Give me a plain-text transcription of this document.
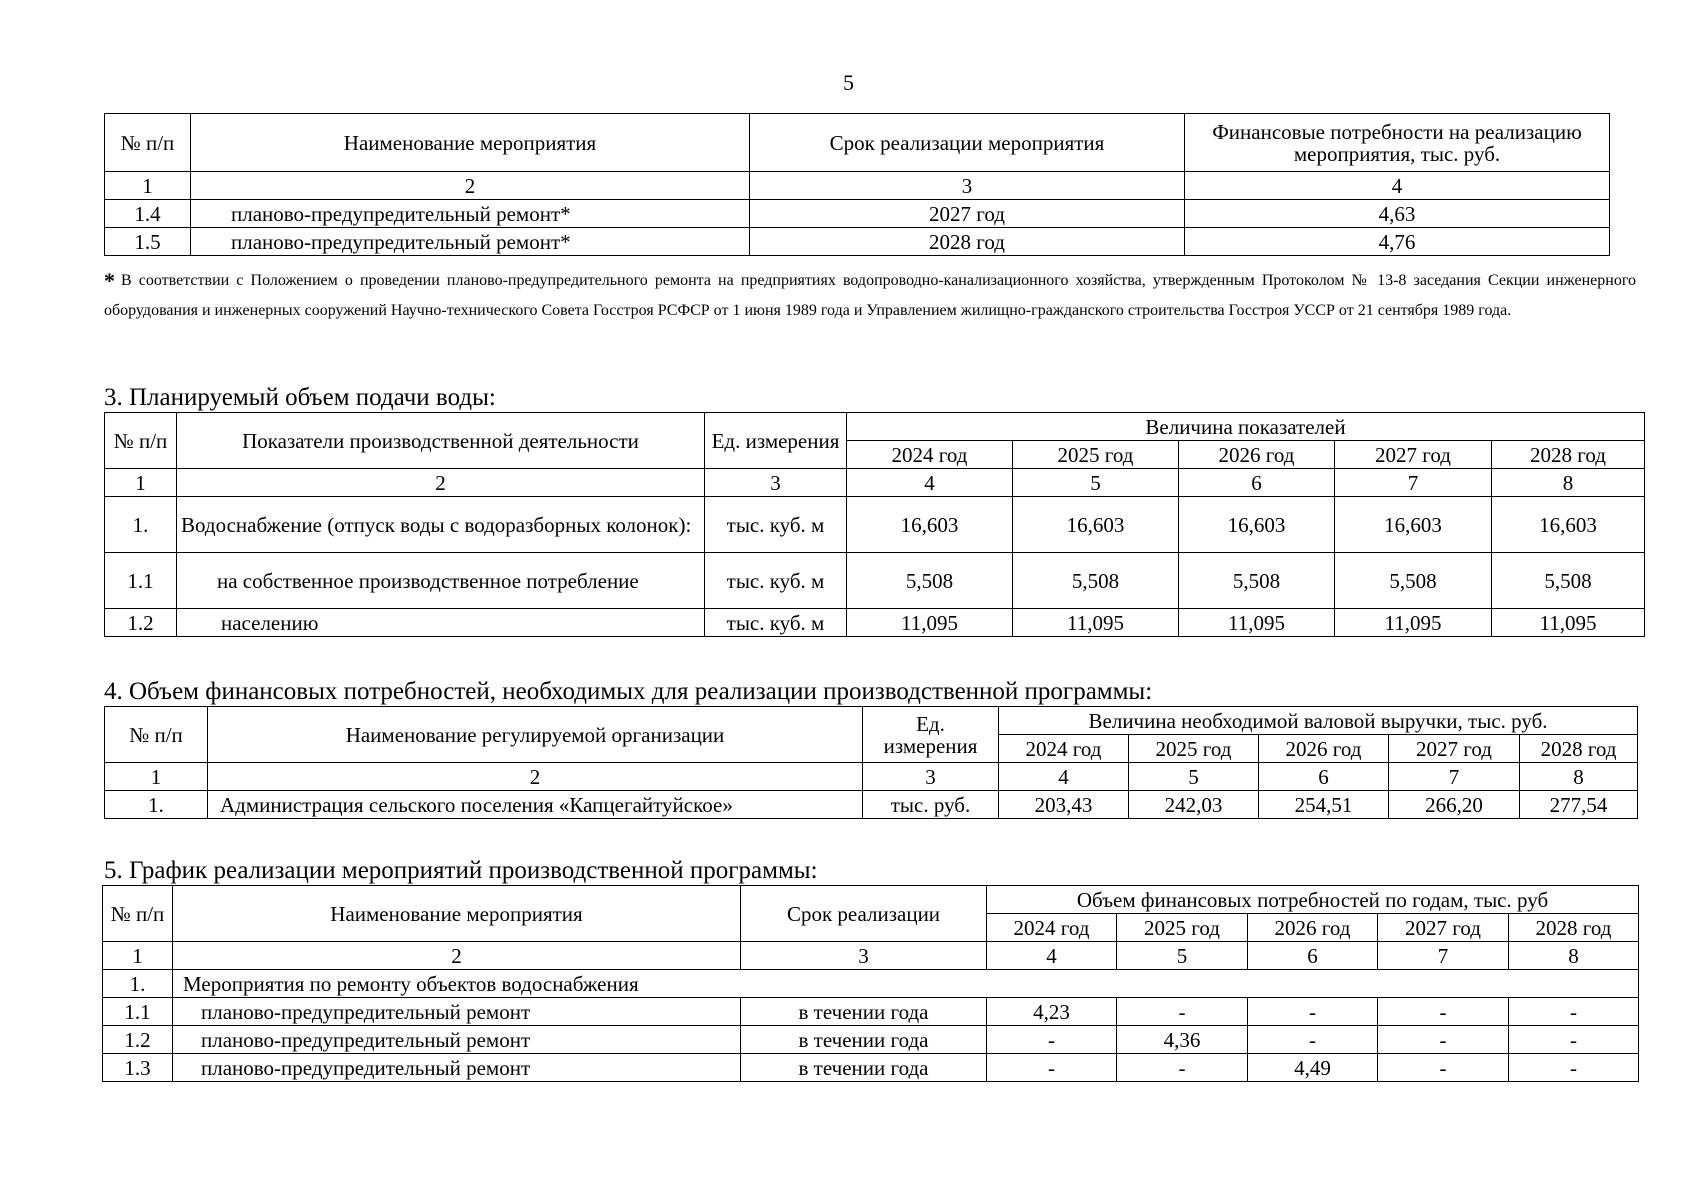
5
№ п/п	Наименование мероприятия	Срок реализации мероприятия	Финансовые потребности на реализацию мероприятия, тыс. руб.
1	2	3	4
1.4	планово-предупредительный ремонт*	2027 год	4,63
1.5	планово-предупредительный ремонт*	2028 год	4,76
* В соответствии с Положением о проведении планово-предупредительного ремонта на предприятиях водопроводно-канализационного хозяйства, утвержденным Протоколом № 13-8 заседания Секции инженерного оборудования и инженерных сооружений Научно-технического Совета Госстроя РСФСР от 1 июня 1989 года и Управлением жилищно-гражданского строительства Госстроя УССР от 21 сентября 1989 года.
3. Планируемый объем подачи воды:
№ п/п	Показатели производственной деятельности	Ед. измерения	Величина показателей				
			2024 год	2025 год	2026 год	2027 год	2028 год
1	2	3	4	5	6	7	8
1.	Водоснабжение (отпуск воды с водоразборных колонок):	тыс. куб. м	16,603	16,603	16,603	16,603	16,603
1.1	на собственное производственное потребление	тыс. куб. м	5,508	5,508	5,508	5,508	5,508
1.2	населению	тыс. куб. м	11,095	11,095	11,095	11,095	11,095
4. Объем финансовых потребностей, необходимых для реализации производственной программы:
№ п/п	Наименование регулируемой организации	Ед. измерения	Величина необходимой валовой выручки, тыс. руб.				
			2024 год	2025 год	2026 год	2027 год	2028 год
1	2	3	4	5	6	7	8
1.	Администрация сельского поселения «Капцегайтуйское»	тыс. руб.	203,43	242,03	254,51	266,20	277,54
5. График реализации мероприятий производственной программы:
№ п/п	Наименование мероприятия	Срок реализации	Объем финансовых потребностей по годам, тыс. руб				
			2024 год	2025 год	2026 год	2027 год	2028 год
1	2	3	4	5	6	7	8
1.	Мероприятия по ремонту объектов водоснабжения						
1.1	планово-предупредительный ремонт	в течении года	4,23	-	-	-	-
1.2	планово-предупредительный ремонт	в течении года	-	4,36	-	-	-
1.3	планово-предупредительный ремонт	в течении года	-	-	4,49	-	-
